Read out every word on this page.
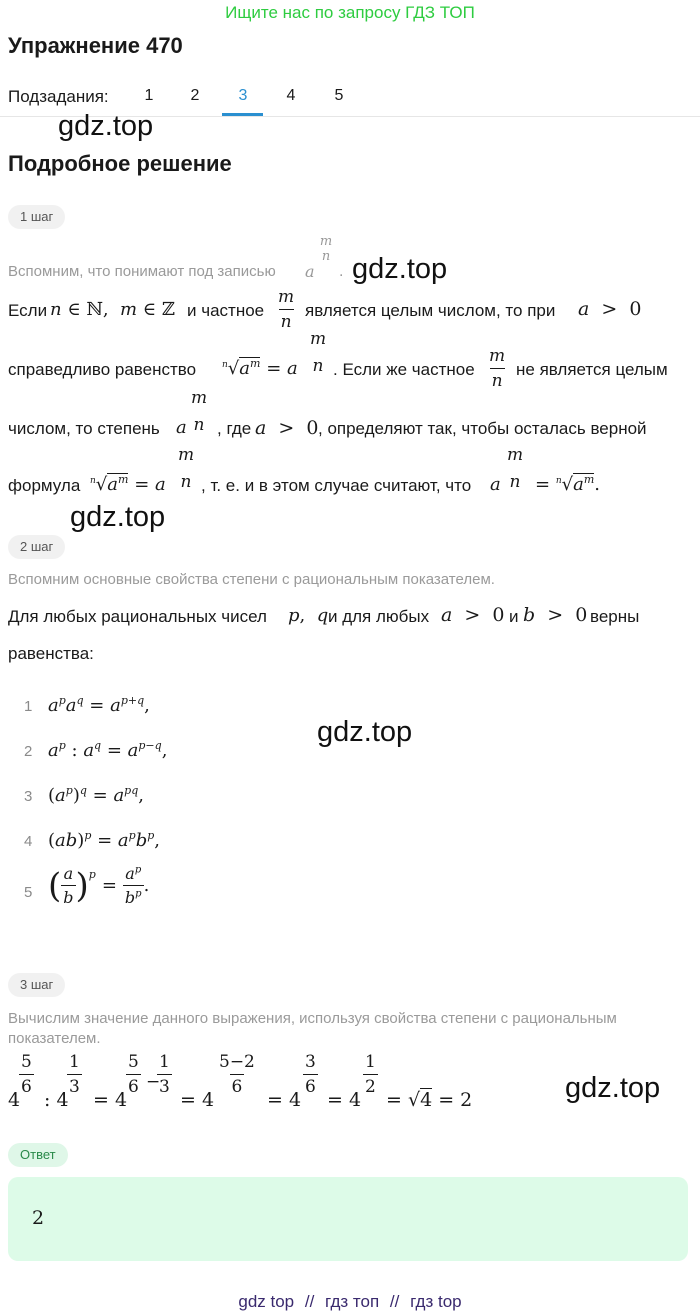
Ищите нас по запросу ГДЗ ТОП
Упражнение 470
Подзадания:	1	2	3	4	5
gdz.top
gdz.top
gdz.top
gdz.top
gdz.top
Подробное решение
1 шаг
Вспомним, что понимают под записью a
m
n
.
Если n ∈ ℕ,  m ∈ ℤ и частное $\frac{m}{n}$ является целым числом, то при a  >  0
справедливо равенство	$^n√a^m = a$
m
n . Если же частное $\frac{m}{n}$ не является целым
числом, то степень a
m
n , где a  >  0 , определяют так, чтобы осталась верной
формула $^n√a^m = a$
m
n , т. е. и в этом случае считают, что a
m
$n = ^n√a^m$.
2 шаг
Вспомним основные свойства степени с рациональным показателем.
Для любых рациональных чисел p,  q и для любых a  >  0 и b  >  0 верны
равенства:
1 $a^pa^q = a^{p+q}$,
2 $a^p$ : $a^q = a^{p-q}$,
3 $(a^p)^q = a^{pq}$,
4 $(ab)^p = a^pb^p$,
5 ( $\frac{a}{b} )^p$
= $\frac{a^p}{b^p}$ .
3 шаг
Вычислим значение данного выражения, используя свойства степени с рациональным
показателем.
4
$\frac{5}{6}$
: 4
$\frac{1}{3}$
= 4
$\frac{5}{6}$ −
$\frac{1}{3}$
= 4
$\frac{5-2}{6}$
= 4
$\frac{3}{6}$
= 4
$\frac{1}{2}$
= √4 = 2
Ответ
2
gdz top // гдз топ // гдз top
